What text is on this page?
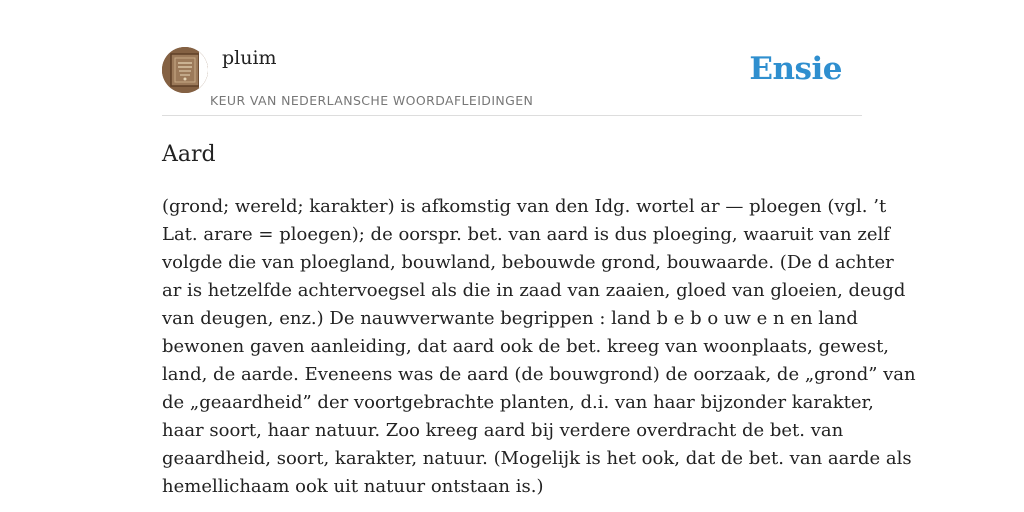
pluim
KEUR VAN NEDERLANSCHE WOORDAFLEIDINGEN
Ensie
Aard

(grond; wereld; karakter) is afkomstig van den Idg. wortel ar — ploegen (vgl. ’t
Lat. arare = ploegen); de oorspr. bet. van aard is dus ploeging, waaruit van zelf
volgde die van ploegland, bouwland, bebouwde grond, bouwaarde. (De d achter
ar is hetzelfde achtervoegsel als die in zaad van zaaien, gloed van gloeien, deugd
van deugen, enz.) De nauwverwante begrippen : land b e b o uw e n en land
bewonen gaven aanleiding, dat aard ook de bet. kreeg van woonplaats, gewest,
land, de aarde. Eveneens was de aard (de bouwgrond) de oorzaak, de „grond” van
de „geaardheid” der voortgebrachte planten, d.i. van haar bijzonder karakter,
haar soort, haar natuur. Zoo kreeg aard bij verdere overdracht de bet. van
geaardheid, soort, karakter, natuur. (Mogelijk is het ook, dat de bet. van aarde als
hemellichaam ook uit natuur ontstaan is.)
